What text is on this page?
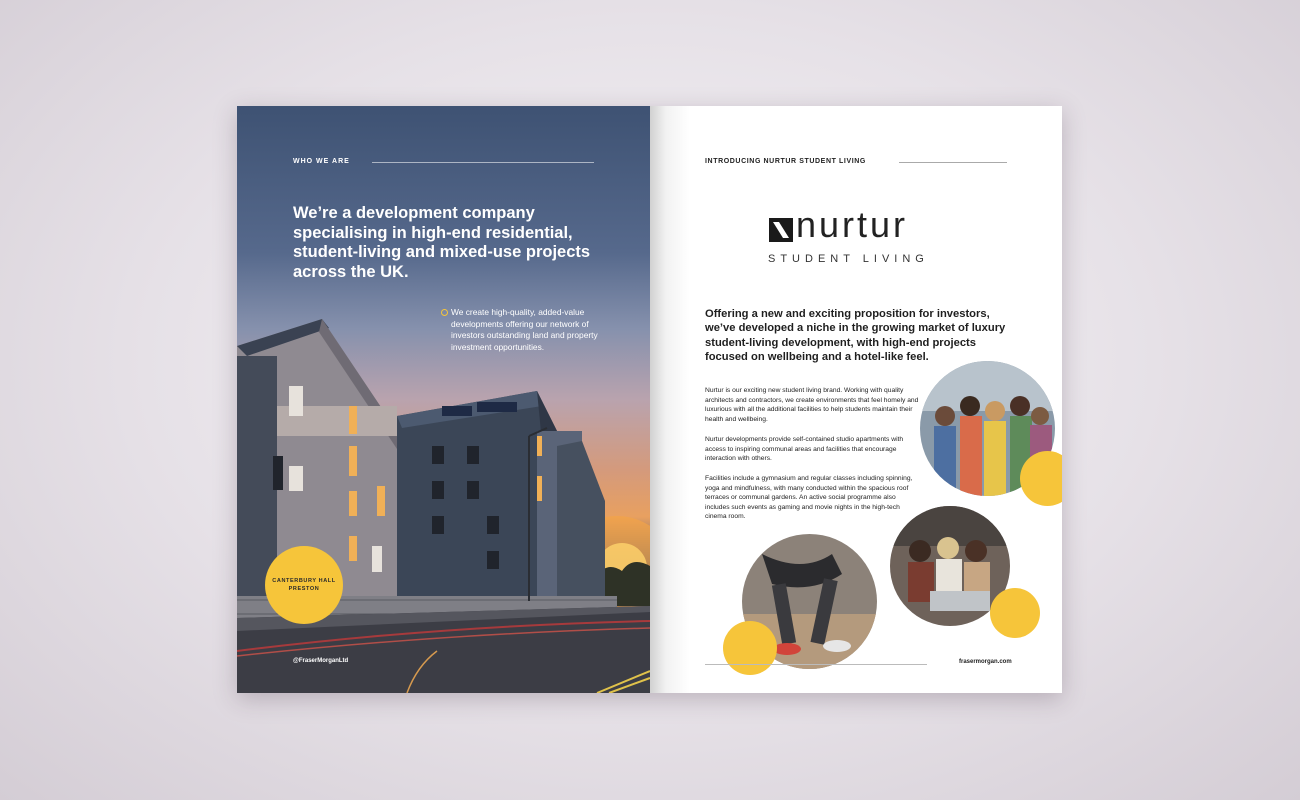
WHO WE ARE
We’re a development company specialising in high-end residential, student-living and mixed-use projects across the UK.
We create high-quality, added-value developments offering our network of investors outstanding land and property investment opportunities.
CANTERBURY HALL
PRESTON
@FraserMorganLtd
INTRODUCING NURTUR STUDENT LIVING
nurtur
STUDENT LIVING
Offering a new and exciting proposition for investors, we’ve developed a niche in the growing market of luxury student-living development, with high-end projects focused on wellbeing and a hotel-like feel.
Nurtur is our exciting new student living brand. Working with quality architects and contractors, we create environments that feel homely and luxurious with all the additional facilities to help students maintain their health and wellbeing.
Nurtur developments provide self-contained studio apartments with access to inspiring communal areas and facilities that encourage interaction with others.
Facilities include a gymnasium and regular classes including spinning, yoga and mindfulness, with many conducted within the spacious roof terraces or communal gardens. An active social programme also includes such events as gaming and movie nights in the high-tech cinema room.
frasermorgan.com
